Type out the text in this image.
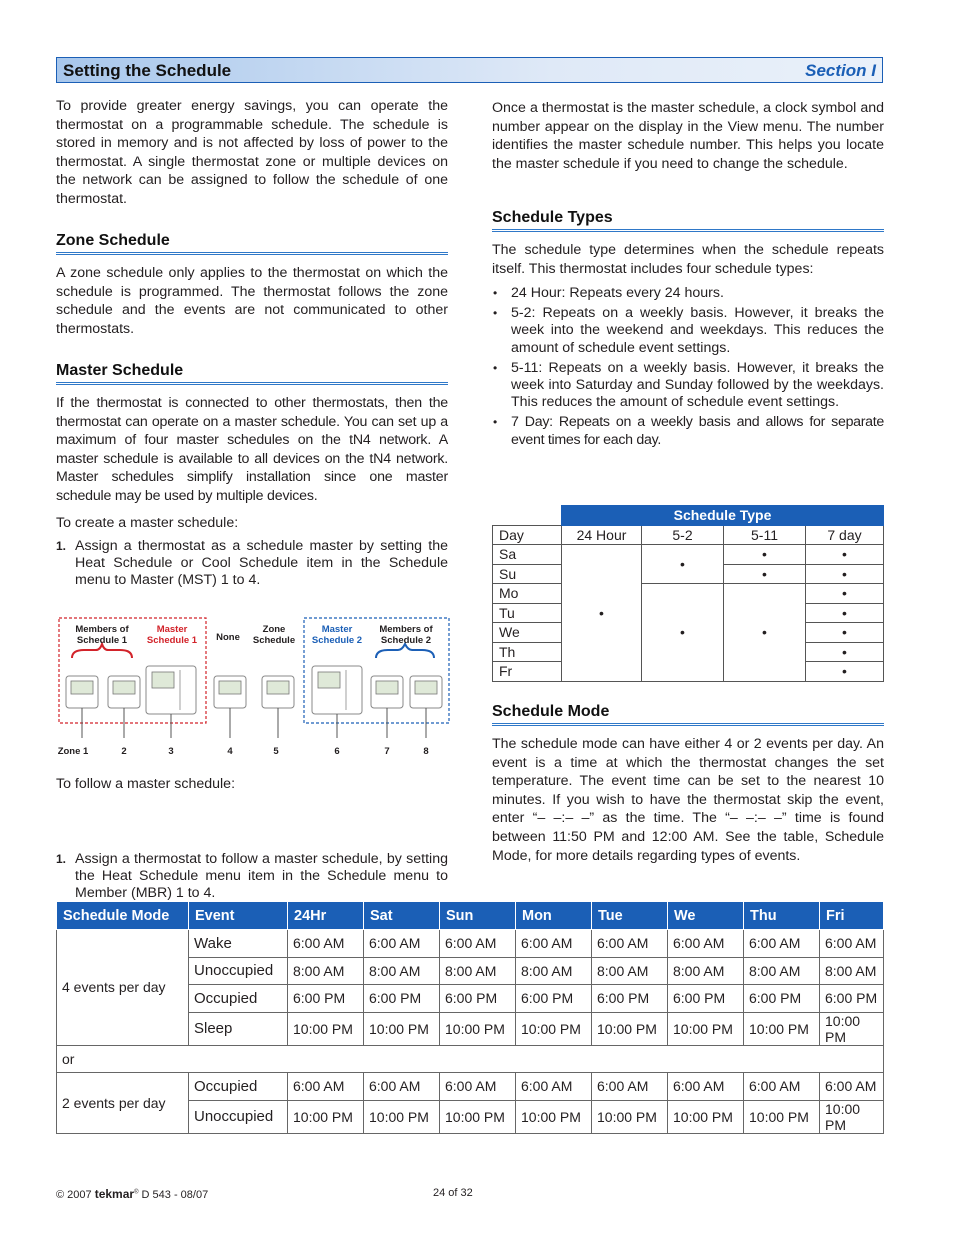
Setting the Schedule	Section I

To provide greater energy savings, you can operate the thermostat on a programmable schedule. The schedule is stored in memory and is not affected by loss of power to the thermostat. A single thermostat zone or multiple devices on the network can be assigned to follow the schedule of one thermostat.

Zone Schedule

A zone schedule only applies to the thermostat on which the schedule is programmed. The thermostat follows the zone schedule and the events are not communicated to other thermostats.

Master Schedule

If the thermostat is connected to other thermostats, then the thermostat can operate on a master schedule. You can set up a maximum of four master schedules on the tN4 network. A master schedule is available to all devices on the tN4 network. Master schedules simplify installation since one master schedule may be used by multiple devices.

To create a master schedule:

1. Assign a thermostat as a schedule master by setting the Heat Schedule or Cool Schedule item in the Schedule menu to Master (MST) 1 to 4.
Members of Schedule 1
Master Schedule 1	None
Zone Schedule
Master Schedule 2
Members of Schedule 2
Zone 1	2	3	4	5	6	7	8

To follow a master schedule:

1. Assign a thermostat to follow a master schedule, by setting the Heat Schedule menu item in the Schedule menu to Member (MBR) 1 to 4.

Once a thermostat is the master schedule, a clock symbol and number appear on the display in the View menu. The number identifies the master schedule number. This helps you locate the master schedule if you need to change the schedule.

Schedule Types

The schedule type determines when the schedule repeats itself. This thermostat includes four schedule types:

• 24 Hour: Repeats every 24 hours.
• 5-2: Repeats on a weekly basis. However, it breaks the week into the weekend and weekdays. This reduces the amount of schedule event settings.
• 5-11: Repeats on a weekly basis. However, it breaks the week into Saturday and Sunday followed by the weekdays. This reduces the amount of schedule event settings.
• 7 Day: Repeats on a weekly basis and allows for separate event times for each day.
	Schedule Type			
Day	24 Hour	5-2	5-11	7 day
Sa	•	•	•	•
Su			•	•
Mo		•	•	•
Tu				•
We				•
Th				•
Fr				•
Schedule Mode

The schedule mode can have either 4 or 2 events per day. An event is a time at which the thermostat changes the set temperature. The event time can be set to the nearest 10 minutes. If you wish to have the thermostat skip the event, enter “– –:– –” as the time. The “– –:– –” time is found between 11:50 PM and 12:00 AM. See the table, Schedule Mode, for more details regarding types of events.

Schedule Mode	Event	24Hr	Sat	Sun	Mon	Tue	We	Thu	Fri
4 events per day	Wake	6:00 AM	6:00 AM	6:00 AM	6:00 AM	6:00 AM	6:00 AM	6:00 AM	6:00 AM
	Unoccupied	8:00 AM	8:00 AM	8:00 AM	8:00 AM	8:00 AM	8:00 AM	8:00 AM	8:00 AM
	Occupied	6:00 PM	6:00 PM	6:00 PM	6:00 PM	6:00 PM	6:00 PM	6:00 PM	6:00 PM
	Sleep	10:00 PM	10:00 PM	10:00 PM	10:00 PM	10:00 PM	10:00 PM	10:00 PM	10:00 PM
or									
2 events per day	Occupied	6:00 AM	6:00 AM	6:00 AM	6:00 AM	6:00 AM	6:00 AM	6:00 AM	6:00 AM
	Unoccupied	10:00 PM	10:00 PM	10:00 PM	10:00 PM	10:00 PM	10:00 PM	10:00 PM	10:00 PM
© 2007 tekmar® D 543 - 08/07	24 of 32
